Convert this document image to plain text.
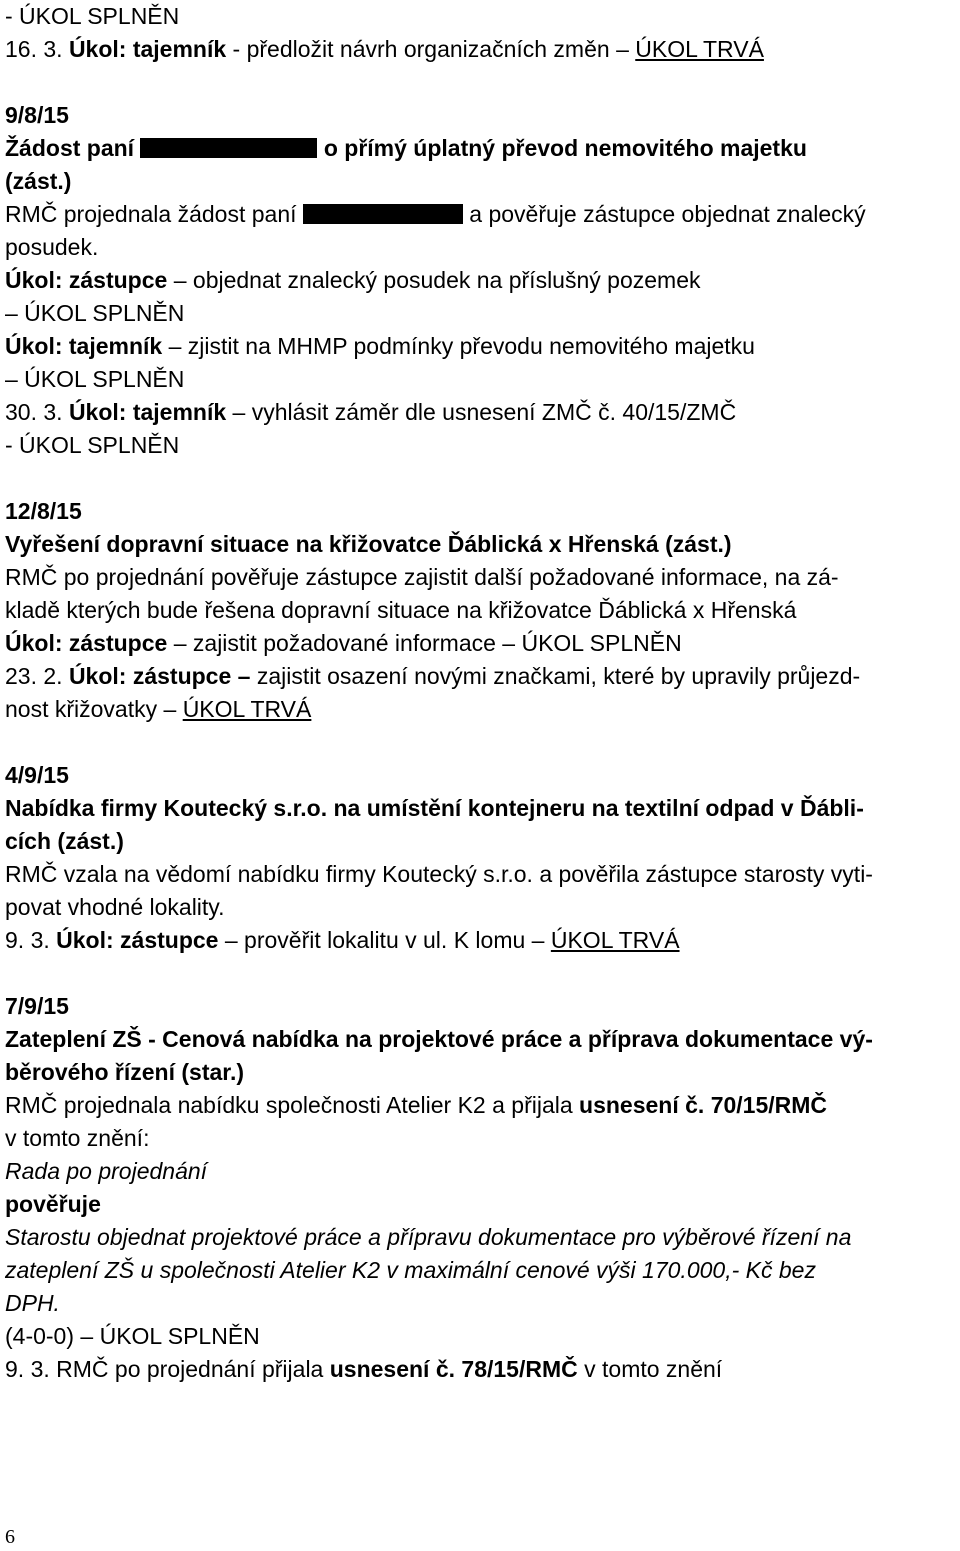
- ÚKOL SPLNĚN
16. 3. Úkol: tajemník - předložit návrh organizačních změn – ÚKOL TRVÁ
9/8/15
Žádost paní	o přímý úplatný převod nemovitého majetku
(zást.)
RMČ projednala žádost paní	a pověřuje zástupce objednat znalecký
posudek.
Úkol: zástupce – objednat znalecký posudek na příslušný pozemek
– ÚKOL SPLNĚN
Úkol: tajemník – zjistit na MHMP podmínky převodu nemovitého majetku
– ÚKOL SPLNĚN
30. 3. Úkol: tajemník – vyhlásit záměr dle usnesení ZMČ č. 40/15/ZMČ
- ÚKOL SPLNĚN
12/8/15
Vyřešení dopravní situace na křižovatce Ďáblická x Hřenská (zást.)
RMČ po projednání pověřuje zástupce zajistit další požadované informace, na zá-
kladě kterých bude řešena dopravní situace na křižovatce Ďáblická x Hřenská
Úkol: zástupce – zajistit požadované informace – ÚKOL SPLNĚN
23. 2. Úkol: zástupce – zajistit osazení novými značkami, které by upravily průjezd-
nost křižovatky – ÚKOL TRVÁ
4/9/15
Nabídka firmy Koutecký s.r.o. na umístění kontejneru na textilní odpad v Ďábli-
cích (zást.)
RMČ vzala na vědomí nabídku firmy Koutecký s.r.o. a pověřila zástupce starosty vyti-
povat vhodné lokality.
9. 3. Úkol: zástupce – prověřit lokalitu v ul. K lomu – ÚKOL TRVÁ
7/9/15
Zateplení ZŠ - Cenová nabídka na projektové práce a příprava dokumentace vý-
běrového řízení (star.)
RMČ projednala nabídku společnosti Atelier K2 a přijala usnesení č. 70/15/RMČ
v tomto znění:
Rada po projednání
pověřuje
Starostu objednat projektové práce a přípravu dokumentace pro výběrové řízení na
zateplení ZŠ u společnosti Atelier K2 v maximální cenové výši 170.000,- Kč bez
DPH.
(4-0-0) – ÚKOL SPLNĚN
9. 3. RMČ po projednání přijala usnesení č. 78/15/RMČ v tomto znění
6
